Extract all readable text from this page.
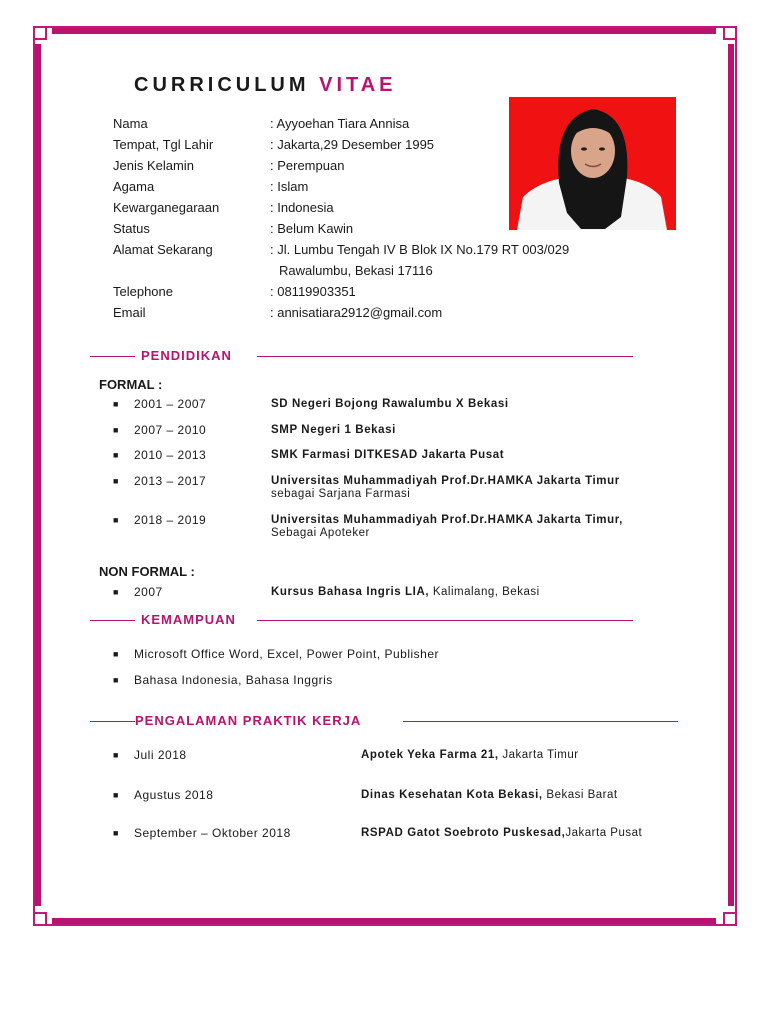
CURRICULUM VITAE
Nama	: Ayyoehan Tiara Annisa
Tempat, Tgl Lahir	: Jakarta,29 Desember 1995
Jenis Kelamin	: Perempuan
Agama	: Islam
Kewarganegaraan	: Indonesia
Status	: Belum Kawin
Alamat Sekarang	: Jl. Lumbu Tengah IV B Blok IX No.179 RT 003/029
Rawalumbu, Bekasi 17116
Telephone	: 08119903351
Email	: annisatiara2912@gmail.com
PENDIDIKAN
FORMAL :
■ 2001 – 2007	SD Negeri Bojong Rawalumbu X Bekasi
■ 2007 – 2010	SMP Negeri 1 Bekasi
■ 2010 – 2013	SMK Farmasi DITKESAD Jakarta Pusat
■ 2013 – 2017	Universitas Muhammadiyah Prof.Dr.HAMKA Jakarta Timur sebagai Sarjana Farmasi
■ 2018 – 2019	Universitas Muhammadiyah Prof.Dr.HAMKA Jakarta Timur,
Sebagai Apoteker
NON FORMAL :
■ 2007	Kursus Bahasa Ingris LIA, Kalimalang, Bekasi
KEMAMPUAN
■ Microsoft Office Word, Excel, Power Point, Publisher
■ Bahasa Indonesia, Bahasa Inggris
PENGALAMAN PRAKTIK KERJA
■ Juli 2018	Apotek Yeka Farma 21, Jakarta Timur
■ Agustus 2018	Dinas Kesehatan Kota Bekasi, Bekasi Barat
■ September – Oktober 2018	RSPAD Gatot Soebroto Puskesad,Jakarta Pusat
